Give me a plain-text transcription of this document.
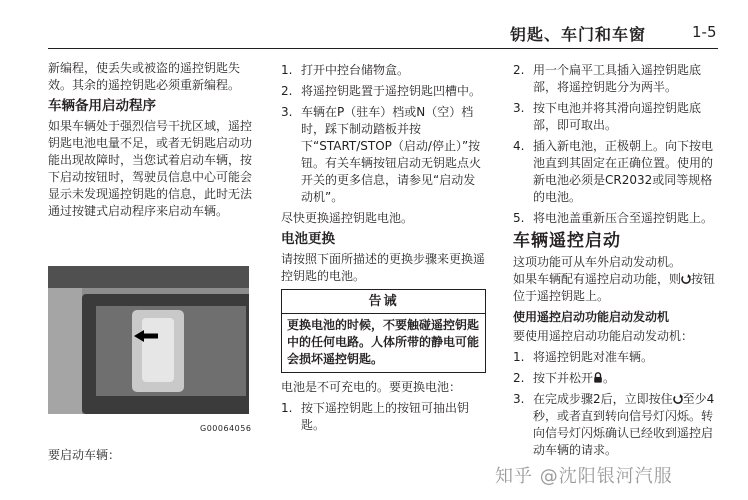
钥匙、车门和车窗	1-5

新编程，使丢失或被盗的遥控钥匙失效。其余的遥控钥匙必须重新编程。

车辆备用启动程序

如果车辆处于强烈信号干扰区域，遥控钥匙电池电量不足，或者无钥匙启动功能出现故障时，当您试着启动车辆，按下启动按钮时，驾驶员信息中心可能会显示未发现遥控钥匙的信息，此时无法通过按键式启动程序来启动车辆。

G00064056
要启动车辆：
1. 打开中控台储物盒。
2. 将遥控钥匙置于遥控钥匙凹槽中。
3. 车辆在P（驻车）档或N（空）档时，踩下制动踏板并按下“START/STOP（启动/停止）”按钮。有关车辆按钮启动无钥匙点火开关的更多信息，请参见“启动发动机”。

尽快更换遥控钥匙电池。

电池更换

请按照下面所描述的更换步骤来更换遥控钥匙的电池。

告诫
更换电池的时候，不要触碰遥控钥匙中的任何电路。人体所带的静电可能会损坏遥控钥匙。

电池是不可充电的。要更换电池：

1. 按下遥控钥匙上的按钮可抽出钥匙。
2. 用一个扁平工具插入遥控钥匙底部，将遥控钥匙分为两半。
3. 按下电池并将其滑向遥控钥匙底部，即可取出。
4. 插入新电池，正极朝上。向下按电池直到其固定在正确位置。使用的新电池必须是CR2032或同等规格的电池。
5. 将电池盖重新压合至遥控钥匙上。

车辆遥控启动

这项功能可从车外启动发动机。

如果车辆配有遥控启动功能，则 按钮位于遥控钥匙上。

使用遥控启动功能启动发动机

要使用遥控启动功能启动发动机：

1. 将遥控钥匙对准车辆。
2. 按下并松开 。
3. 在完成步骤2后，立即按住 至少4秒，或者直到转向信号灯闪烁。转向信号灯闪烁确认已经收到遥控启动车辆的请求。
知乎 @沈阳银河汽服
